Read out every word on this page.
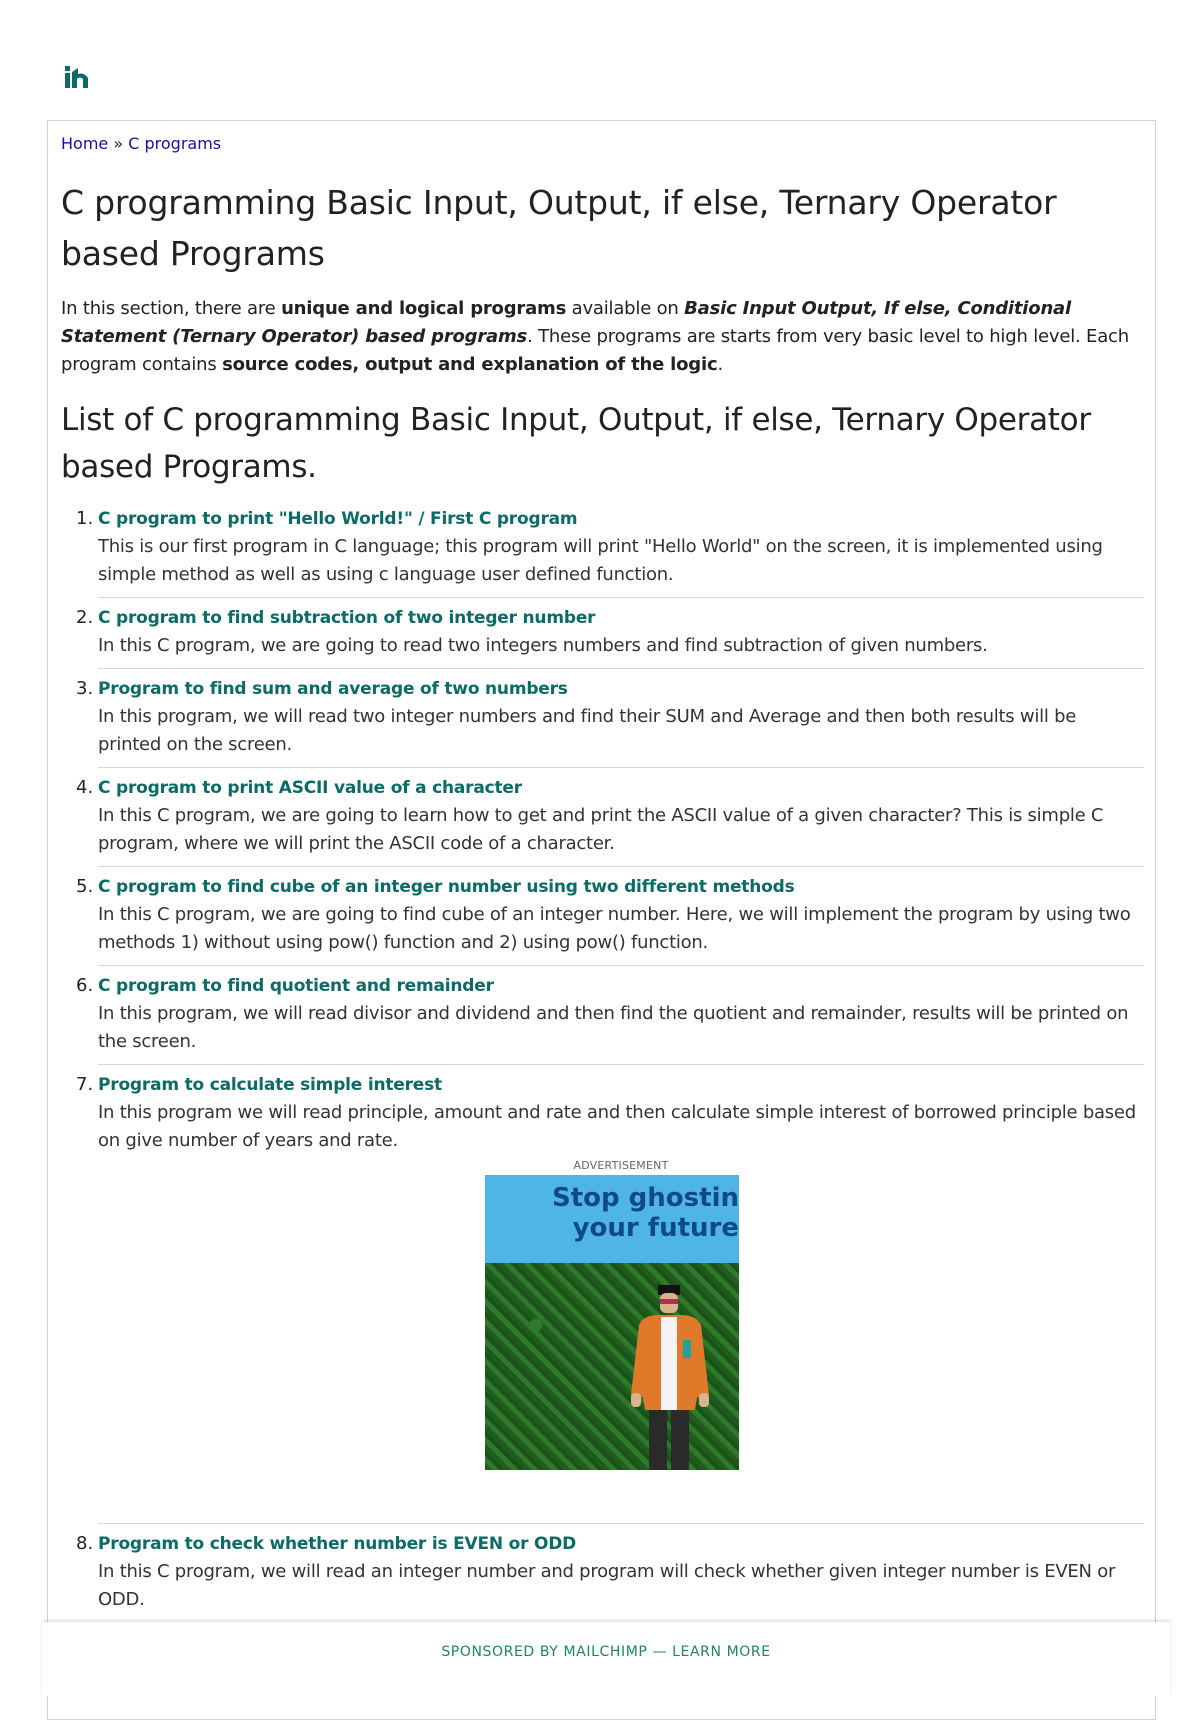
Home » C programs
C programming Basic Input, Output, if else, Ternary Operator based Programs

In this section, there are unique and logical programs available on Basic Input Output, If else, Conditional Statement (Ternary Operator) based programs. These programs are starts from very basic level to high level. Each program contains source codes, output and explanation of the logic.

List of C programming Basic Input, Output, if else, Ternary Operator based Programs.
1. C program to print "Hello World!" / First C program
This is our first program in C language; this program will print "Hello World" on the screen, it is implemented using simple method as well as using c language user defined function.
2. C program to find subtraction of two integer number
In this C program, we are going to read two integers numbers and find subtraction of given numbers.
3. Program to find sum and average of two numbers
In this program, we will read two integer numbers and find their SUM and Average and then both results will be printed on the screen.
4. C program to print ASCII value of a character
In this C program, we are going to learn how to get and print the ASCII value of a given character? This is simple C program, where we will print the ASCII code of a character.
5. C program to find cube of an integer number using two different methods
In this C program, we are going to find cube of an integer number. Here, we will implement the program by using two methods 1) without using pow() function and 2) using pow() function.
6. C program to find quotient and remainder
In this program, we will read divisor and dividend and then find the quotient and remainder, results will be printed on the screen.
7. Program to calculate simple interest
In this program we will read principle, amount and rate and then calculate simple interest of borrowed principle based on give number of years and rate.
ADVERTISEMENT
Stop ghostin
your future
8. Program to check whether number is EVEN or ODD
In this C program, we will read an integer number and program will check whether given integer number is EVEN or ODD.
SPONSORED BY MAILCHIMP — LEARN MORE
